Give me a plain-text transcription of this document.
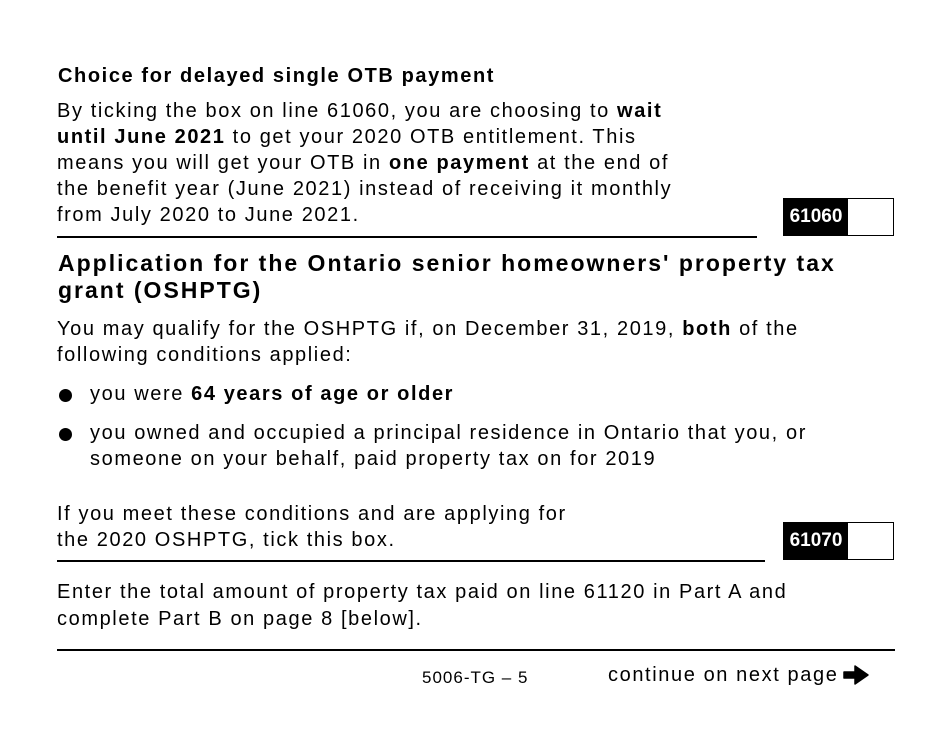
Choice for delayed single OTB payment
By ticking the box on line 61060, you are choosing to wait
until June 2021 to get your 2020 OTB entitlement. This
means you will get your OTB in one payment at the end of
the benefit year (June 2021) instead of receiving it monthly
from July 2020 to June 2021.	61060
Application for the Ontario senior homeowners' property tax
grant (OSHPTG)
You may qualify for the OSHPTG if, on December 31, 2019, both of the
following conditions applied:
you were 64 years of age or older
you owned and occupied a principal residence in Ontario that you, or
someone on your behalf, paid property tax on for 2019
If you meet these conditions and are applying for
the 2020 OSHPTG, tick this box.	61070
Enter the total amount of property tax paid on line 61120 in Part A and
complete Part B on page 8 [below].
5006-TG – 5	continue on next page
